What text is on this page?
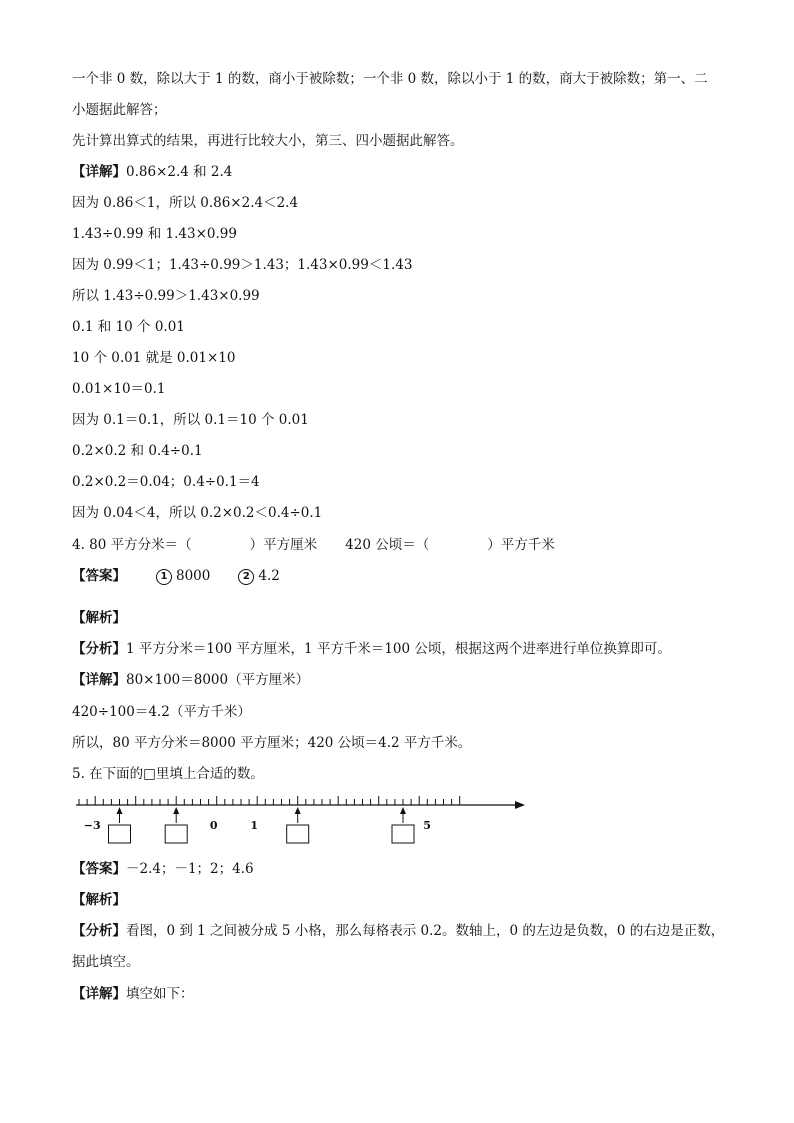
一个非 0 数，除以大于 1 的数，商小于被除数；一个非 0 数，除以小于 1 的数，商大于被除数；第一、二
小题据此解答；
先计算出算式的结果，再进行比较大小，第三、四小题据此解答。
【详解】0.86×2.4 和 2.4
因为 0.86＜1，所以 0.86×2.4＜2.4
1.43÷0.99 和 1.43×0.99
因为 0.99＜1；1.43÷0.99＞1.43；1.43×0.99＜1.43
所以 1.43÷0.99＞1.43×0.99
0.1 和 10 个 0.01
10 个 0.01 就是 0.01×10
0.01×10＝0.1
因为 0.1＝0.1，所以 0.1＝10 个 0.01
0.2×0.2 和 0.4÷0.1
0.2×0.2＝0.04；0.4÷0.1＝4
因为 0.04＜4，所以 0.2×0.2＜0.4÷0.1
4. 80 平方分米＝（	）平方厘米 420 公顷＝（	）平方千米
【答案】	1 8000	2 4.2
【解析】
【分析】1 平方分米＝100 平方厘米，1 平方千米＝100 公顷，根据这两个进率进行单位换算即可。
【详解】80×100＝8000（平方厘米）
420÷100＝4.2（平方千米）
所以，80 平方分米＝8000 平方厘米；420 公顷＝4.2 平方千米。
5. 在下面的□里填上合适的数。
−3	0	1	5
【答案】－2.4；－1；2；4.6
【解析】
【分析】看图，0 到 1 之间被分成 5 小格，那么每格表示 0.2。数轴上，0 的左边是负数，0 的右边是正数，
据此填空。
【详解】填空如下：
